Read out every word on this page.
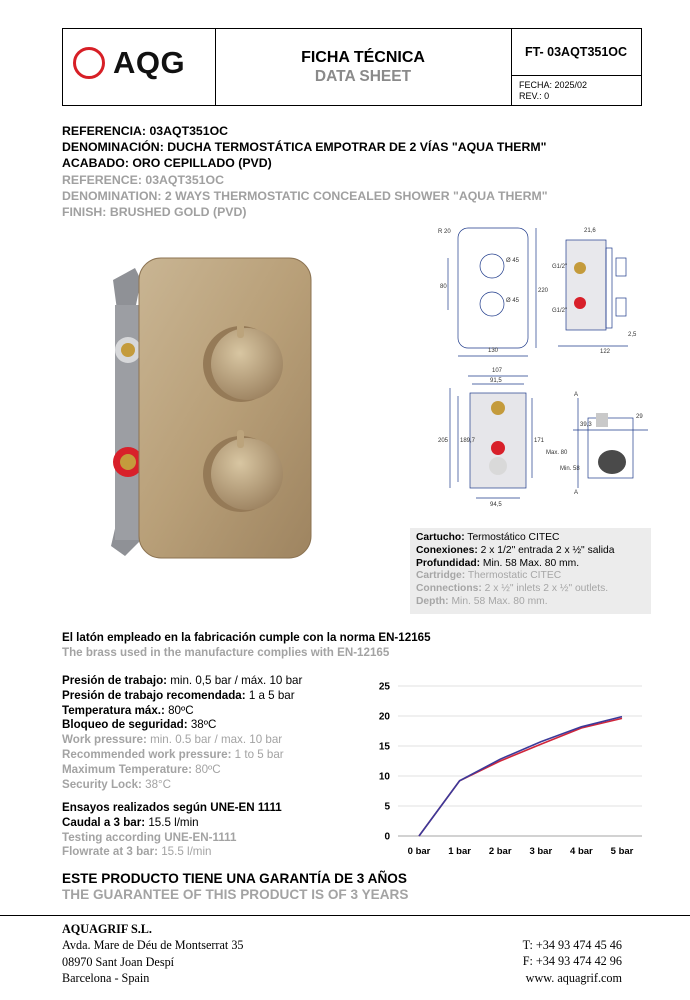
AQG	FICHA TÉCNICA
DATA SHEET
FT- 03AQT351OC
FECHA: 2025/02
REV.: 0
REFERENCIA: 03AQT351OC
DENOMINACIÓN: DUCHA TERMOSTÁTICA EMPOTRAR DE 2 VÍAS "AQUA THERM"
ACABADO: ORO CEPILLADO (PVD)
REFERENCE: 03AQT351OC
DENOMINATION: 2 WAYS THERMOSTATIC CONCEALED SHOWER "AQUA THERM"
FINISH: BRUSHED GOLD (PVD)
R 20
Ø 45
Ø 45
80
220
130
21,6
G1/2"
G1/2"
2,5
122
107
91,5
205 189,7	171
94,5
A
A
39,3
29
Max. 80
Min. 58
Cartucho: Termostático CITEC
Conexiones: 2 x 1/2" entrada 2 x ½" salida
Profundidad: Min. 58 Max. 80 mm.
Cartridge: Thermostatic CITEC
Connections: 2 x ½" inlets 2 x ½" outlets.
Depth: Min. 58 Max. 80 mm.
El latón empleado en la fabricación cumple con la norma EN-12165
The brass used in the manufacture complies with EN-12165
Presión de trabajo: min. 0,5 bar / máx. 10 bar
Presión de trabajo recomendada: 1 a 5 bar
Temperatura máx.: 80ºC
Bloqueo de seguridad: 38ºC
Work pressure: min. 0.5 bar / max. 10 bar
Recommended work pressure: 1 to 5 bar
Maximum Temperature: 80ºC
Security Lock: 38°C
Ensayos realizados según UNE-EN 1111
Caudal a 3 bar: 15.5 l/min
Testing according UNE-EN-1111
Flowrate at 3 bar: 15.5 l/min
0
5
10
15
20
25
0 bar 1 bar 2 bar 3 bar 4 bar 5 bar
ESTE PRODUCTO TIENE UNA GARANTÍA DE 3 AÑOS
THE GUARANTEE OF THIS PRODUCT IS OF 3 YEARS
AQUAGRIF S.L.
Avda. Mare de Déu de Montserrat 35
08970 Sant Joan Despí
Barcelona - Spain
T: +34 93 474 45 46
F: +34 93 474 42 96
www. aquagrif.com
